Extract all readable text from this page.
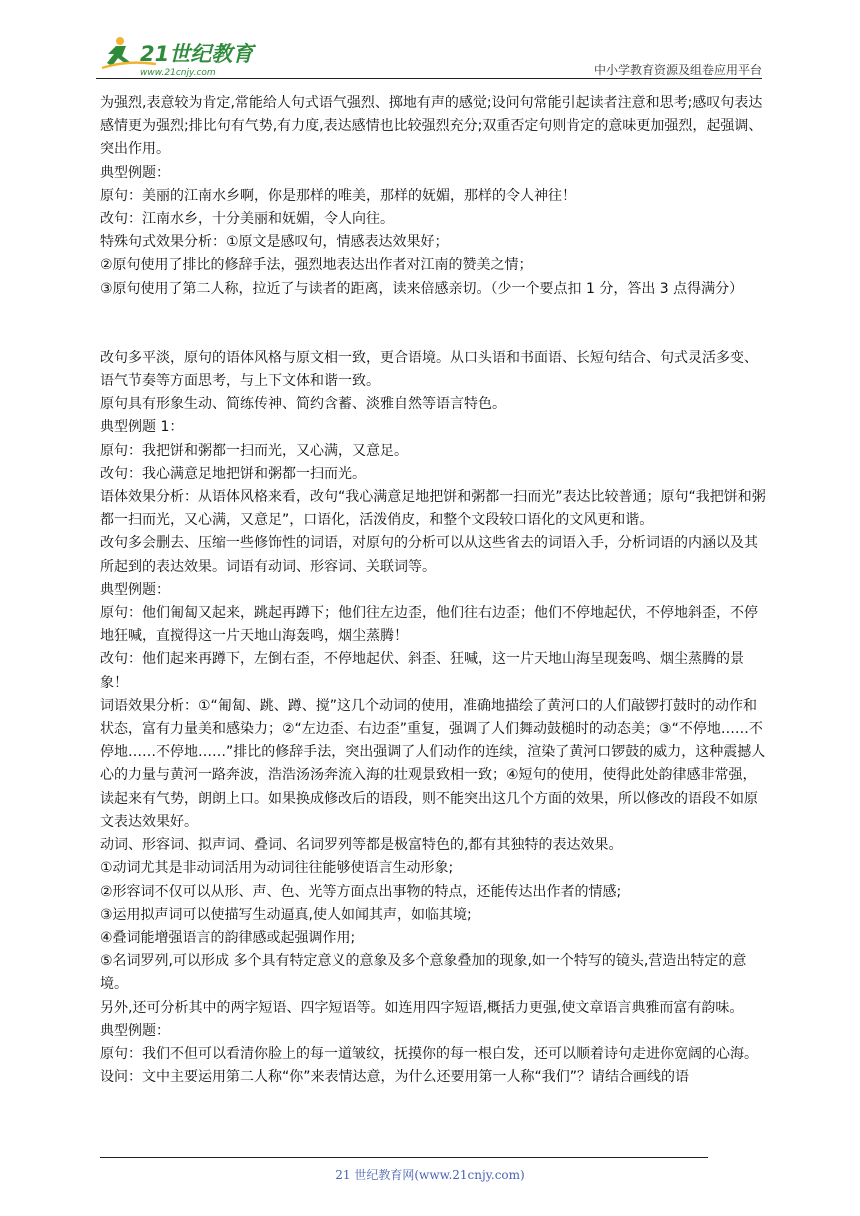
21世纪教育
www.21cnjy.com	中小学教育资源及组卷应用平台

为强烈,表意较为肯定,常能给人句式语气强烈、掷地有声的感觉;设问句常能引起读者注意和思考;感叹句表达感情更为强烈;排比句有气势,有力度,表达感情也比较强烈充分;双重否定句则肯定的意味更加强烈，起强调、突出作用。

典型例题：

原句：美丽的江南水乡啊，你是那样的唯美，那样的妩媚，那样的令人神往！

改句：江南水乡，十分美丽和妩媚，令人向往。

特殊句式效果分析：①原文是感叹句，情感表达效果好；

②原句使用了排比的修辞手法，强烈地表达出作者对江南的赞美之情；

③原句使用了第二人称，拉近了与读者的距离，读来倍感亲切。（少一个要点扣 1 分，答出 3 点得满分）

改句多平淡，原句的语体风格与原文相一致，更合语境。从口头语和书面语、长短句结合、句式灵活多变、语气节奏等方面思考，与上下文体和谐一致。

原句具有形象生动、简练传神、简约含蓄、淡雅自然等语言特色。

典型例题 1：

原句：我把饼和粥都一扫而光，又心满，又意足。

改句：我心满意足地把饼和粥都一扫而光。

语体效果分析：从语体风格来看，改句“我心满意足地把饼和粥都一扫而光”表达比较普通；原句“我把饼和粥都一扫而光，又心满，又意足”，口语化，活泼俏皮，和整个文段较口语化的文风更和谐。

改句多会删去、压缩一些修饰性的词语，对原句的分析可以从这些省去的词语入手，分析词语的内涵以及其所起到的表达效果。词语有动词、形容词、关联词等。

典型例题：

原句：他们匍匐又起来，跳起再蹲下；他们往左边歪，他们往右边歪；他们不停地起伏，不停地斜歪，不停地狂喊，直搅得这一片天地山海轰鸣，烟尘蒸腾！

改句：他们起来再蹲下，左倒右歪，不停地起伏、斜歪、狂喊，这一片天地山海呈现轰鸣、烟尘蒸腾的景象！

词语效果分析：①“匍匐、跳、蹲、搅”这几个动词的使用，准确地描绘了黄河口的人们敲锣打鼓时的动作和状态，富有力量美和感染力；②“左边歪、右边歪”重复，强调了人们舞动鼓槌时的动态美；③“不停地……不停地……不停地……”排比的修辞手法，突出强调了人们动作的连续，渲染了黄河口锣鼓的威力，这种震撼人心的力量与黄河一路奔波，浩浩汤汤奔流入海的壮观景致相一致；④短句的使用，使得此处韵律感非常强，读起来有气势，朗朗上口。如果换成修改后的语段，则不能突出这几个方面的效果，所以修改的语段不如原文表达效果好。

动词、形容词、拟声词、叠词、名词罗列等都是极富特色的,都有其独特的表达效果。

①动词尤其是非动词活用为动词往往能够使语言生动形象;

②形容词不仅可以从形、声、色、光等方面点出事物的特点，还能传达出作者的情感;

③运用拟声词可以使描写生动逼真,使人如闻其声，如临其境;

④叠词能增强语言的韵律感或起强调作用;

⑤名词罗列,可以形成 多个具有特定意义的意象及多个意象叠加的现象,如一个特写的镜头,营造出特定的意境。

另外,还可分析其中的两字短语、四字短语等。如连用四字短语,概括力更强,使文章语言典雅而富有韵味。

典型例题：

原句：我们不但可以看清你脸上的每一道皱纹，抚摸你的每一根白发，还可以顺着诗句走进你宽阔的心海。

设问：文中主要运用第二人称“你”来表情达意，为什么还要用第一人称“我们”？请结合画线的语

21 世纪教育网(www.21cnjy.com)
